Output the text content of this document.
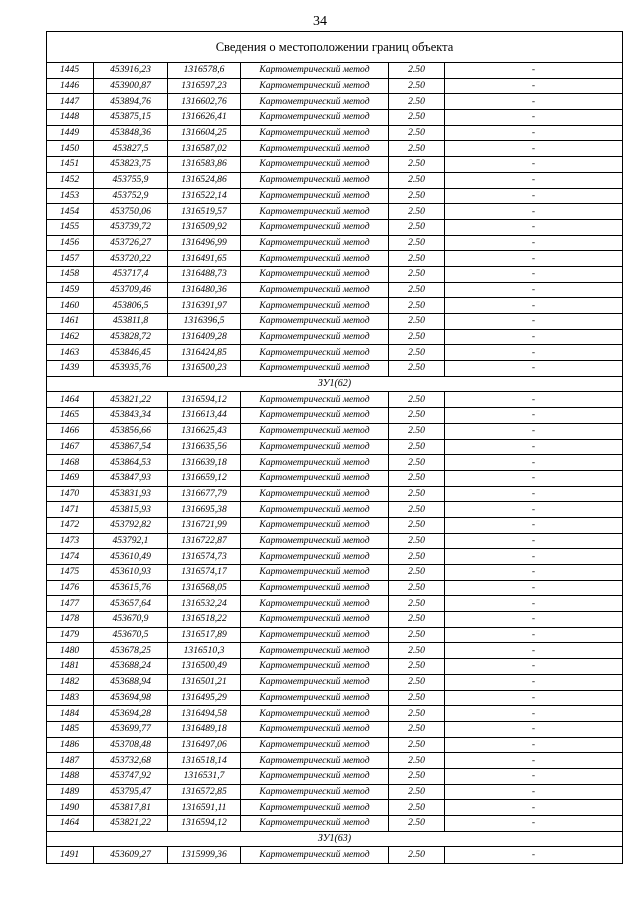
34
Сведения о местоположении границ объекта					
1445	453916,23	1316578,6	Картометрический метод	2.50	-
1446	453900,87	1316597,23	Картометрический метод	2.50	-
1447	453894,76	1316602,76	Картометрический метод	2.50	-
1448	453875,15	1316626,41	Картометрический метод	2.50	-
1449	453848,36	1316604,25	Картометрический метод	2.50	-
1450	453827,5	1316587,02	Картометрический метод	2.50	-
1451	453823,75	1316583,86	Картометрический метод	2.50	-
1452	453755,9	1316524,86	Картометрический метод	2.50	-
1453	453752,9	1316522,14	Картометрический метод	2.50	-
1454	453750,06	1316519,57	Картометрический метод	2.50	-
1455	453739,72	1316509,92	Картометрический метод	2.50	-
1456	453726,27	1316496,99	Картометрический метод	2.50	-
1457	453720,22	1316491,65	Картометрический метод	2.50	-
1458	453717,4	1316488,73	Картометрический метод	2.50	-
1459	453709,46	1316480,36	Картометрический метод	2.50	-
1460	453806,5	1316391,97	Картометрический метод	2.50	-
1461	453811,8	1316396,5	Картометрический метод	2.50	-
1462	453828,72	1316409,28	Картометрический метод	2.50	-
1463	453846,45	1316424,85	Картометрический метод	2.50	-
1439	453935,76	1316500,23	Картометрический метод	2.50	-
ЗУ1(62)					
1464	453821,22	1316594,12	Картометрический метод	2.50	-
1465	453843,34	1316613,44	Картометрический метод	2.50	-
1466	453856,66	1316625,43	Картометрический метод	2.50	-
1467	453867,54	1316635,56	Картометрический метод	2.50	-
1468	453864,53	1316639,18	Картометрический метод	2.50	-
1469	453847,93	1316659,12	Картометрический метод	2.50	-
1470	453831,93	1316677,79	Картометрический метод	2.50	-
1471	453815,93	1316695,38	Картометрический метод	2.50	-
1472	453792,82	1316721,99	Картометрический метод	2.50	-
1473	453792,1	1316722,87	Картометрический метод	2.50	-
1474	453610,49	1316574,73	Картометрический метод	2.50	-
1475	453610,93	1316574,17	Картометрический метод	2.50	-
1476	453615,76	1316568,05	Картометрический метод	2.50	-
1477	453657,64	1316532,24	Картометрический метод	2.50	-
1478	453670,9	1316518,22	Картометрический метод	2.50	-
1479	453670,5	1316517,89	Картометрический метод	2.50	-
1480	453678,25	1316510,3	Картометрический метод	2.50	-
1481	453688,24	1316500,49	Картометрический метод	2.50	-
1482	453688,94	1316501,21	Картометрический метод	2.50	-
1483	453694,98	1316495,29	Картометрический метод	2.50	-
1484	453694,28	1316494,58	Картометрический метод	2.50	-
1485	453699,77	1316489,18	Картометрический метод	2.50	-
1486	453708,48	1316497,06	Картометрический метод	2.50	-
1487	453732,68	1316518,14	Картометрический метод	2.50	-
1488	453747,92	1316531,7	Картометрический метод	2.50	-
1489	453795,47	1316572,85	Картометрический метод	2.50	-
1490	453817,81	1316591,11	Картометрический метод	2.50	-
1464	453821,22	1316594,12	Картометрический метод	2.50	-
ЗУ1(63)					
1491	453609,27	1315999,36	Картометрический метод	2.50	-
